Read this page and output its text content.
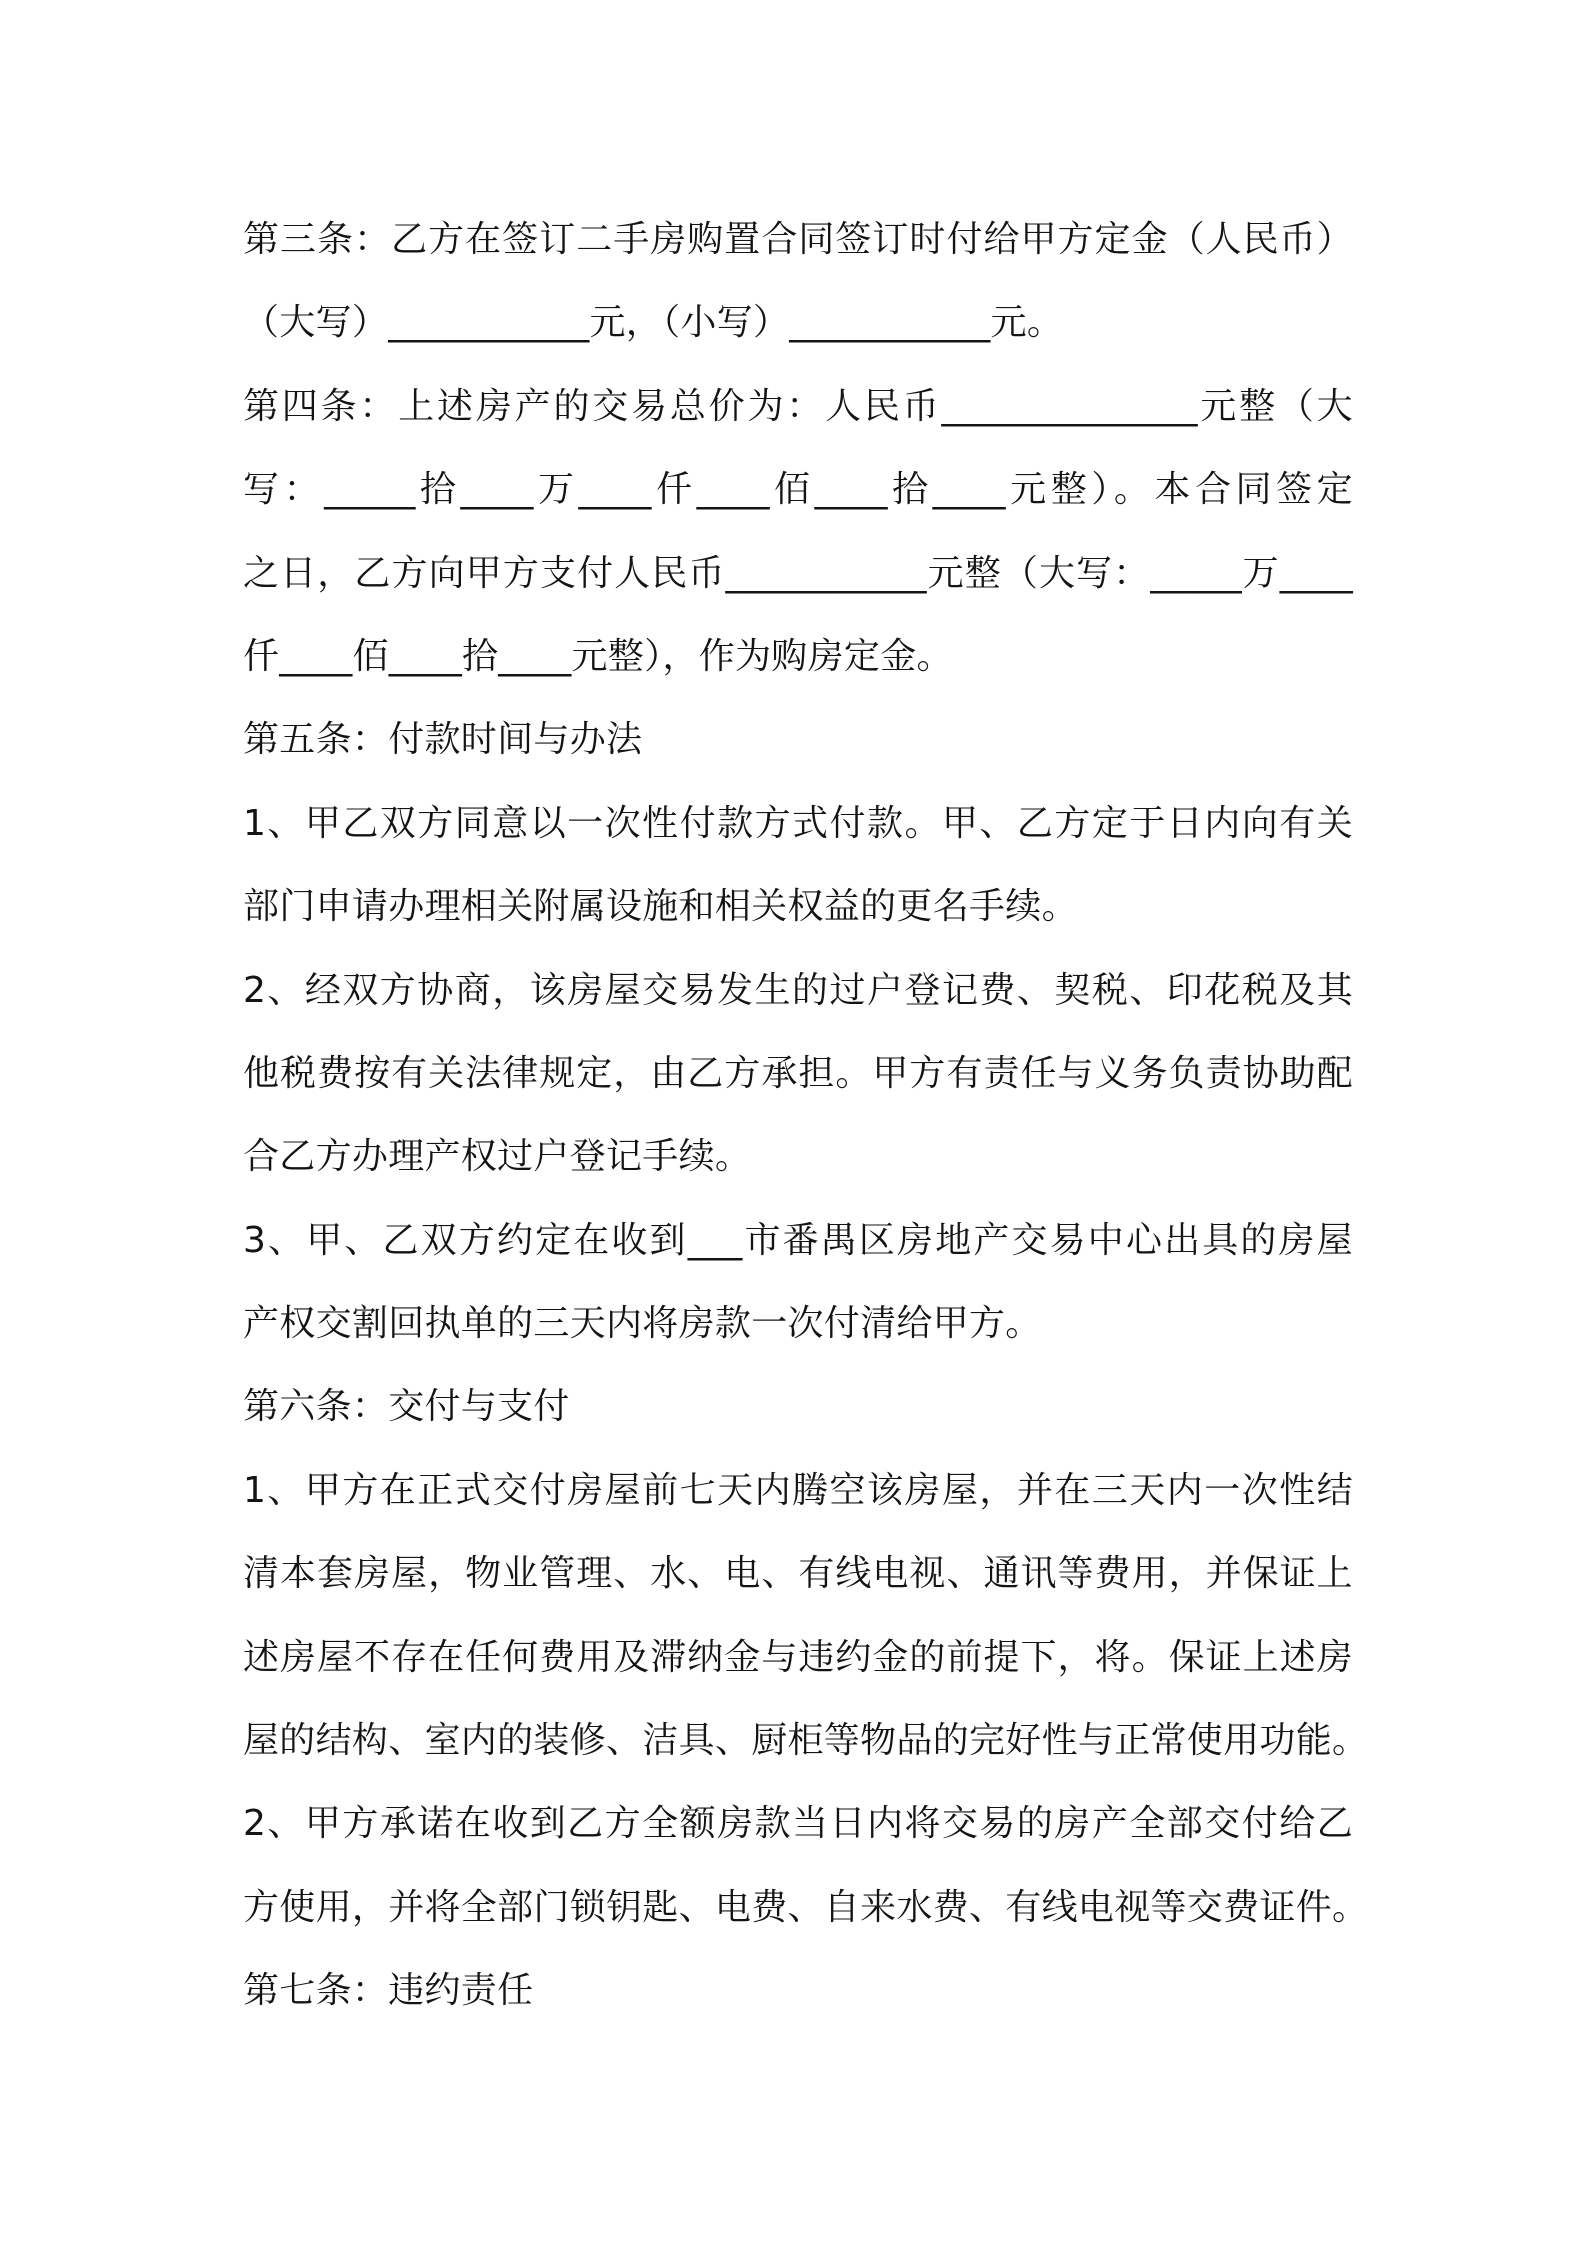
第三条：乙方在签订二手房购置合同签订时付给甲方定金（人民币）
（大写）___________元，（小写）___________元。
第四条：上述房产的交易总价为：人民币______________元整（大
写：_____拾____万____仟____佰____拾____元整）。本合同签定
之日，乙方向甲方支付人民币___________元整（大写：_____万____
仟____佰____拾____元整），作为购房定金。
第五条：付款时间与办法
1、甲乙双方同意以一次性付款方式付款。甲、乙方定于日内向有关
部门申请办理相关附属设施和相关权益的更名手续。
2、经双方协商，该房屋交易发生的过户登记费、契税、印花税及其
他税费按有关法律规定，由乙方承担。甲方有责任与义务负责协助配
合乙方办理产权过户登记手续。
3、甲、乙双方约定在收到___市番禺区房地产交易中心出具的房屋
产权交割回执单的三天内将房款一次付清给甲方。
第六条：交付与支付
1、甲方在正式交付房屋前七天内腾空该房屋，并在三天内一次性结
清本套房屋，物业管理、水、电、有线电视、通讯等费用，并保证上
述房屋不存在任何费用及滞纳金与违约金的前提下，将。保证上述房
屋的结构、室内的装修、洁具、厨柜等物品的完好性与正常使用功能。
2、甲方承诺在收到乙方全额房款当日内将交易的房产全部交付给乙
方使用，并将全部门锁钥匙、电费、自来水费、有线电视等交费证件。
第七条：违约责任
